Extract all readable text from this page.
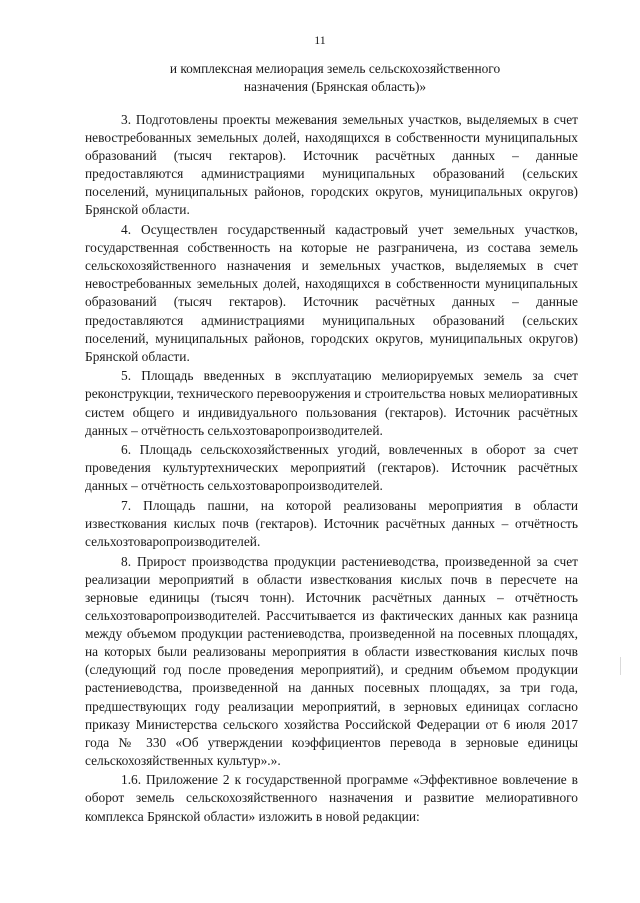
11
и комплексная мелиорация земель сельскохозяйственного назначения (Брянская область)»

3. Подготовлены проекты межевания земельных участков, выделяемых в счет невостребованных земельных долей, находящихся в собственности муниципальных образований (тысяч гектаров). Источник расчётных данных – данные предоставляются администрациями муниципальных образований (сельских поселений, муниципальных районов, городских округов, муниципальных округов) Брянской области.

4. Осуществлен государственный кадастровый учет земельных участков, государственная собственность на которые не разграничена, из состава земель сельскохозяйственного назначения и земельных участков, выделяемых в счет невостребованных земельных долей, находящихся в собственности муниципальных образований (тысяч гектаров). Источник расчётных данных – данные предоставляются администрациями муниципальных образований (сельских поселений, муниципальных районов, городских округов, муниципальных округов) Брянской области.

5. Площадь введенных в эксплуатацию мелиорируемых земель за счет реконструкции, технического перевооружения и строительства новых мелиоративных систем общего и индивидуального пользования (гектаров). Источник расчётных данных – отчётность сельхозтоваропроизводителей.

6. Площадь сельскохозяйственных угодий, вовлеченных в оборот за счет проведения культуртехнических мероприятий (гектаров). Источник расчётных данных – отчётность сельхозтоваропроизводителей.

7. Площадь пашни, на которой реализованы мероприятия в области известкования кислых почв (гектаров). Источник расчётных данных – отчётность сельхозтоваропроизводителей.

8. Прирост производства продукции растениеводства, произведенной за счет реализации мероприятий в области известкования кислых почв в пересчете на зерновые единицы (тысяч тонн). Источник расчётных данных – отчётность сельхозтоваропроизводителей. Рассчитывается из фактических данных как разница между объемом продукции растениеводства, произведенной на посевных площадях, на которых были реализованы мероприятия в области известкования кислых почв (следующий год после проведения мероприятий), и средним объемом продукции растениеводства, произведенной на данных посевных площадях, за три года, предшествующих году реализации мероприятий, в зерновых единицах согласно приказу Министерства сельского хозяйства Российской Федерации от 6 июля 2017 года № 330 «Об утверждении коэффициентов перевода в зерновые единицы сельскохозяйственных культур».».

1.6. Приложение 2 к государственной программе «Эффективное вовлечение в оборот земель сельскохозяйственного назначения и развитие мелиоративного комплекса Брянской области» изложить в новой редакции:
